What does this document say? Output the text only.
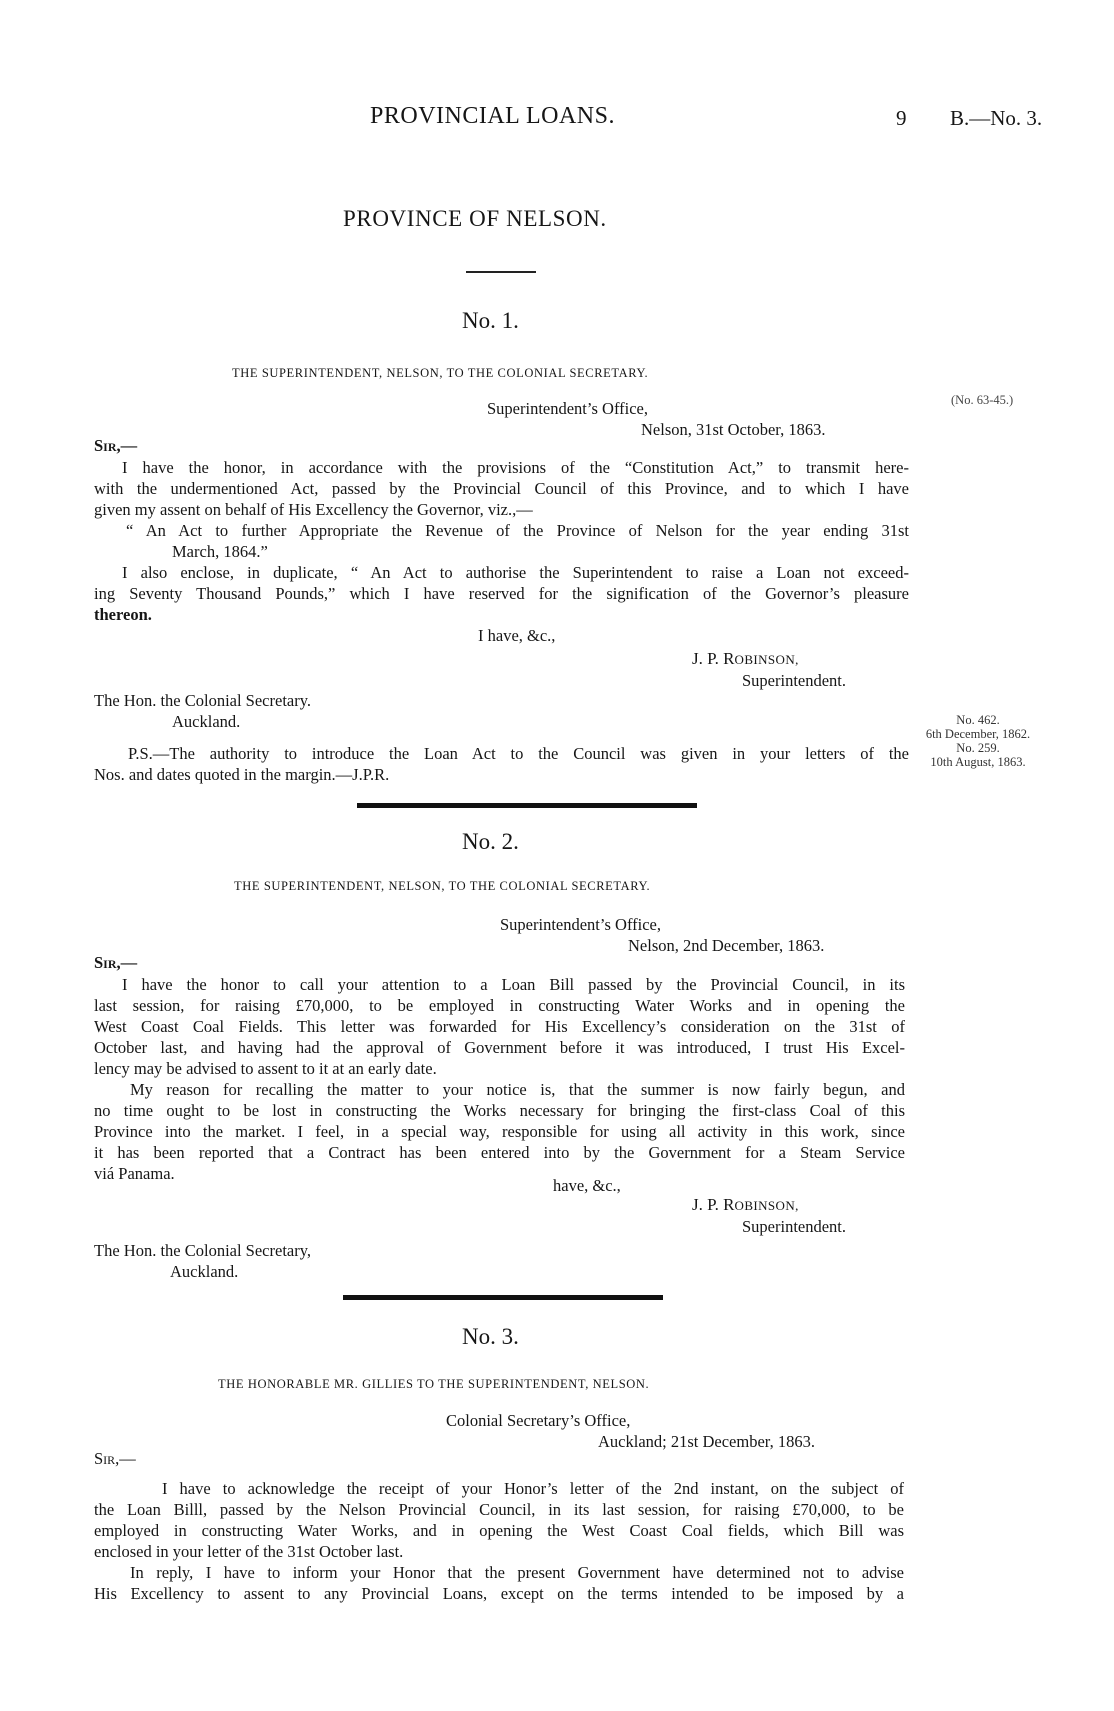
PROVINCIAL LOANS.	9 B.—No. 3.

PROVINCE OF NELSON.

No. 1.

THE SUPERINTENDENT, NELSON, TO THE COLONIAL SECRETARY.

Superintendent’s Office,

Nelson, 31st October, 1863.

(No. 63-45.)

Sir,—

I have the honor, in accordance with the provisions of the “Constitution Act,” to transmit here-

with the undermentioned Act, passed by the Provincial Council of this Province, and to which I have

given my assent on behalf of His Excellency the Governor, viz.,—

“ An Act to further Appropriate the Revenue of the Province of Nelson for the year ending 31st

March, 1864.”

I also enclose, in duplicate, “ An Act to authorise the Superintendent to raise a Loan not exceed-

ing Seventy Thousand Pounds,” which I have reserved for the signification of the Governor’s pleasure

thereon.

I have, &c.,

J. P. ROBINSON,

Superintendent.

The Hon. the Colonial Secretary.

Auckland.

P.S.—The authority to introduce the Loan Act to the Council was given in your letters of the

Nos. and dates quoted in the margin.—J.P.R.

No. 462.
6th December, 1862.
No. 259.
10th August, 1863.

No. 2.

THE SUPERINTENDENT, NELSON, TO THE COLONIAL SECRETARY.

Superintendent’s Office,

Nelson, 2nd December, 1863.

Sir,—

I have the honor to call your attention to a Loan Bill passed by the Provincial Council, in its

last session, for raising £70,000, to be employed in constructing Water Works and in opening the

West Coast Coal Fields. This letter was forwarded for His Excellency’s consideration on the 31st of

October last, and having had the approval of Government before it was introduced, I trust His Excel-

lency may be advised to assent to it at an early date.

My reason for recalling the matter to your notice is, that the summer is now fairly begun, and

no time ought to be lost in constructing the Works necessary for bringing the first-class Coal of this

Province into the market. I feel, in a special way, responsible for using all activity in this work, since

it has been reported that a Contract has been entered into by the Government for a Steam Service

viá Panama.

have, &c.,

J. P. ROBINSON,

Superintendent.

The Hon. the Colonial Secretary,

Auckland.

No. 3.

THE HONORABLE MR. GILLIES TO THE SUPERINTENDENT, NELSON.

Colonial Secretary’s Office,

Auckland; 21st December, 1863.

Sir,—

I have to acknowledge the receipt of your Honor’s letter of the 2nd instant, on the subject of

the Loan Billl, passed by the Nelson Provincial Council, in its last session, for raising £70,000, to be

employed in constructing Water Works, and in opening the West Coast Coal fields, which Bill was

enclosed in your letter of the 31st October last.

In reply, I have to inform your Honor that the present Government have determined not to advise

His Excellency to assent to any Provincial Loans, except on the terms intended to be imposed by a
